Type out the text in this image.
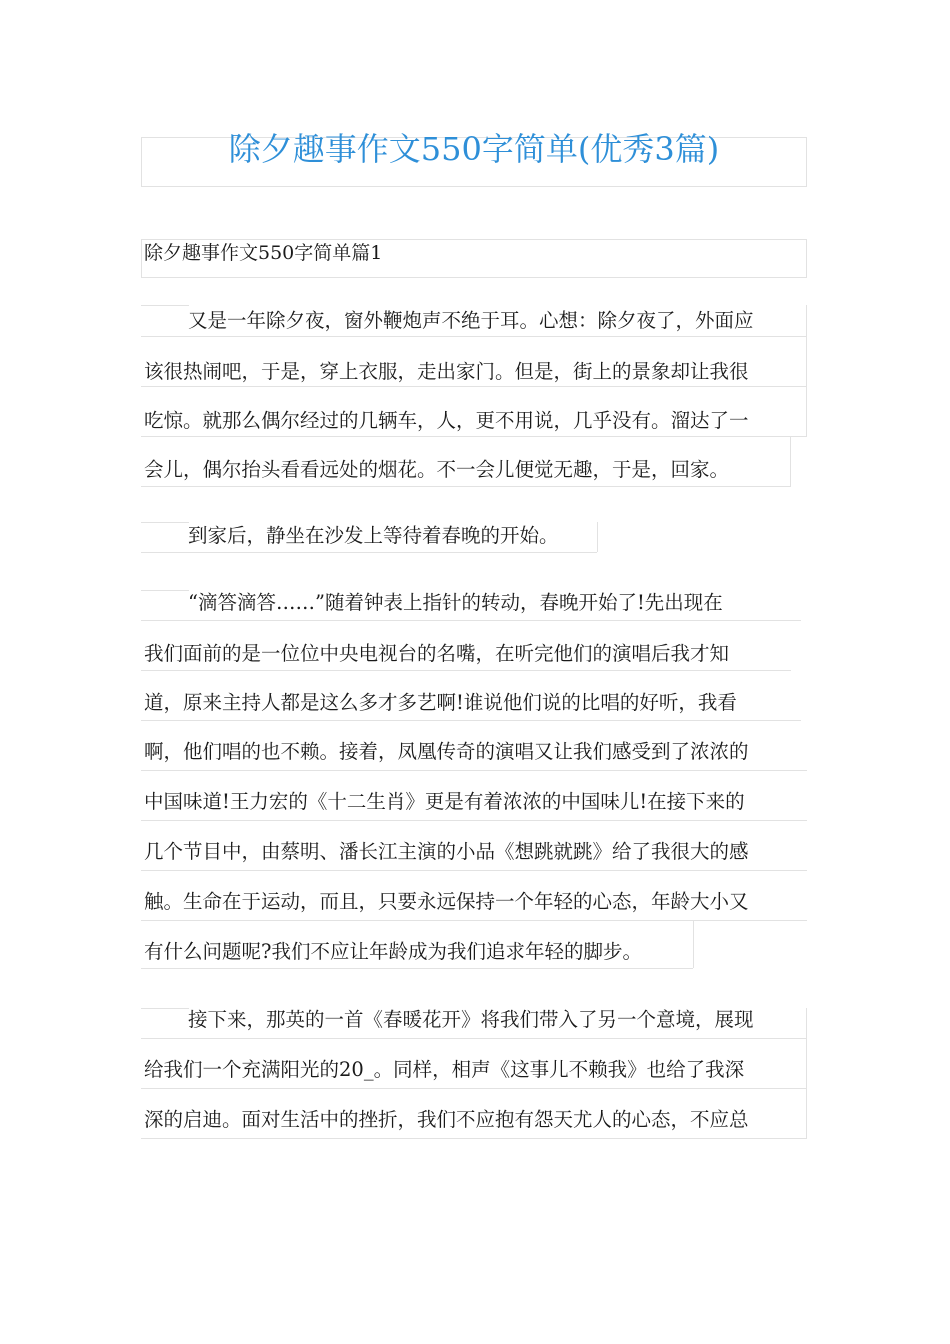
除夕趣事作文550字简单(优秀3篇)
除夕趣事作文550字简单篇1
又是一年除夕夜，窗外鞭炮声不绝于耳。心想：除夕夜了，外面应
该很热闹吧，于是，穿上衣服，走出家门。但是，街上的景象却让我很
吃惊。就那么偶尔经过的几辆车，人，更不用说，几乎没有。溜达了一
会儿，偶尔抬头看看远处的烟花。不一会儿便觉无趣，于是，回家。
到家后，静坐在沙发上等待着春晚的开始。
“滴答滴答……”随着钟表上指针的转动，春晚开始了!先出现在
我们面前的是一位位中央电视台的名嘴，在听完他们的演唱后我才知
道，原来主持人都是这么多才多艺啊!谁说他们说的比唱的好听，我看
啊，他们唱的也不赖。接着，凤凰传奇的演唱又让我们感受到了浓浓的
中国味道!王力宏的《十二生肖》更是有着浓浓的中国味儿!在接下来的
几个节目中，由蔡明、潘长江主演的小品《想跳就跳》给了我很大的感
触。生命在于运动，而且，只要永远保持一个年轻的心态，年龄大小又
有什么问题呢?我们不应让年龄成为我们追求年轻的脚步。
接下来，那英的一首《春暖花开》将我们带入了另一个意境，展现
给我们一个充满阳光的20_。同样，相声《这事儿不赖我》也给了我深
深的启迪。面对生活中的挫折，我们不应抱有怨天尤人的心态，不应总
